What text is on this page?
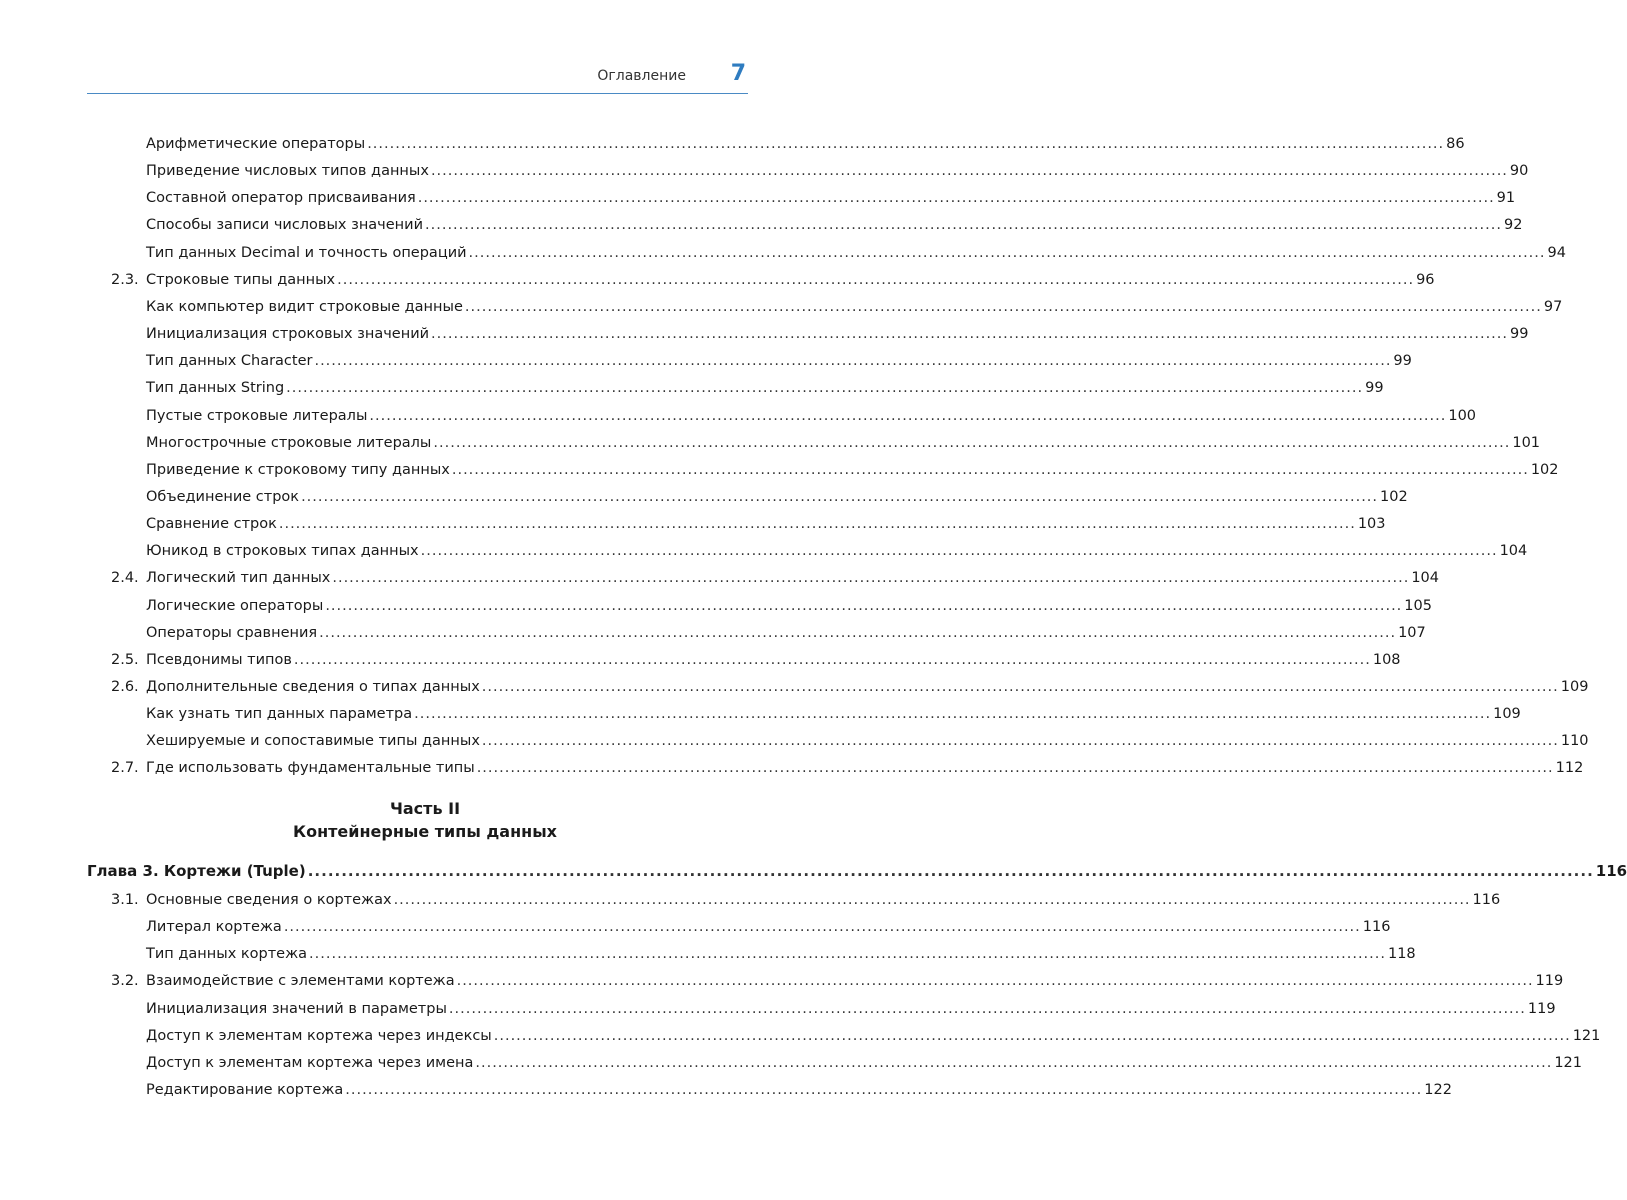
Оглавление 7
Арифметические операторы ................................................................................................................................................................................................ 86
Приведение числовых типов данных ................................................................................................................................................................................................ 90
Составной оператор присваивания ................................................................................................................................................................................................ 91
Способы записи числовых значений ................................................................................................................................................................................................ 92
Тип данных Decimal и точность операций ................................................................................................................................................................................................ 94
2.3. Строковые типы данных ................................................................................................................................................................................................ 96
Как компьютер видит строковые данные ................................................................................................................................................................................................ 97
Инициализация строковых значений ................................................................................................................................................................................................ 99
Тип данных Character ................................................................................................................................................................................................ 99
Тип данных String ................................................................................................................................................................................................ 99
Пустые строковые литералы ................................................................................................................................................................................................ 100
Многострочные строковые литералы ................................................................................................................................................................................................ 101
Приведение к строковому типу данных ................................................................................................................................................................................................ 102
Объединение строк ................................................................................................................................................................................................ 102
Сравнение строк ................................................................................................................................................................................................ 103
Юникод в строковых типах данных ................................................................................................................................................................................................ 104
2.4. Логический тип данных ................................................................................................................................................................................................ 104
Логические операторы ................................................................................................................................................................................................ 105
Операторы сравнения ................................................................................................................................................................................................ 107
2.5. Псевдонимы типов ................................................................................................................................................................................................ 108
2.6. Дополнительные сведения о типах данных ................................................................................................................................................................................................ 109
Как узнать тип данных параметра ................................................................................................................................................................................................ 109
Хешируемые и сопоставимые типы данных ................................................................................................................................................................................................ 110
2.7. Где использовать фундаментальные типы ................................................................................................................................................................................................ 112
Часть II
Контейнерные типы данных
Глава 3. Кортежи (Tuple) ................................................................................................................................................................................................ 116
3.1. Основные сведения о кортежах ................................................................................................................................................................................................ 116
Литерал кортежа ................................................................................................................................................................................................ 116
Тип данных кортежа ................................................................................................................................................................................................ 118
3.2. Взаимодействие с элементами кортежа ................................................................................................................................................................................................ 119
Инициализация значений в параметры ................................................................................................................................................................................................ 119
Доступ к элементам кортежа через индексы ................................................................................................................................................................................................ 121
Доступ к элементам кортежа через имена ................................................................................................................................................................................................ 121
Редактирование кортежа ................................................................................................................................................................................................ 122
